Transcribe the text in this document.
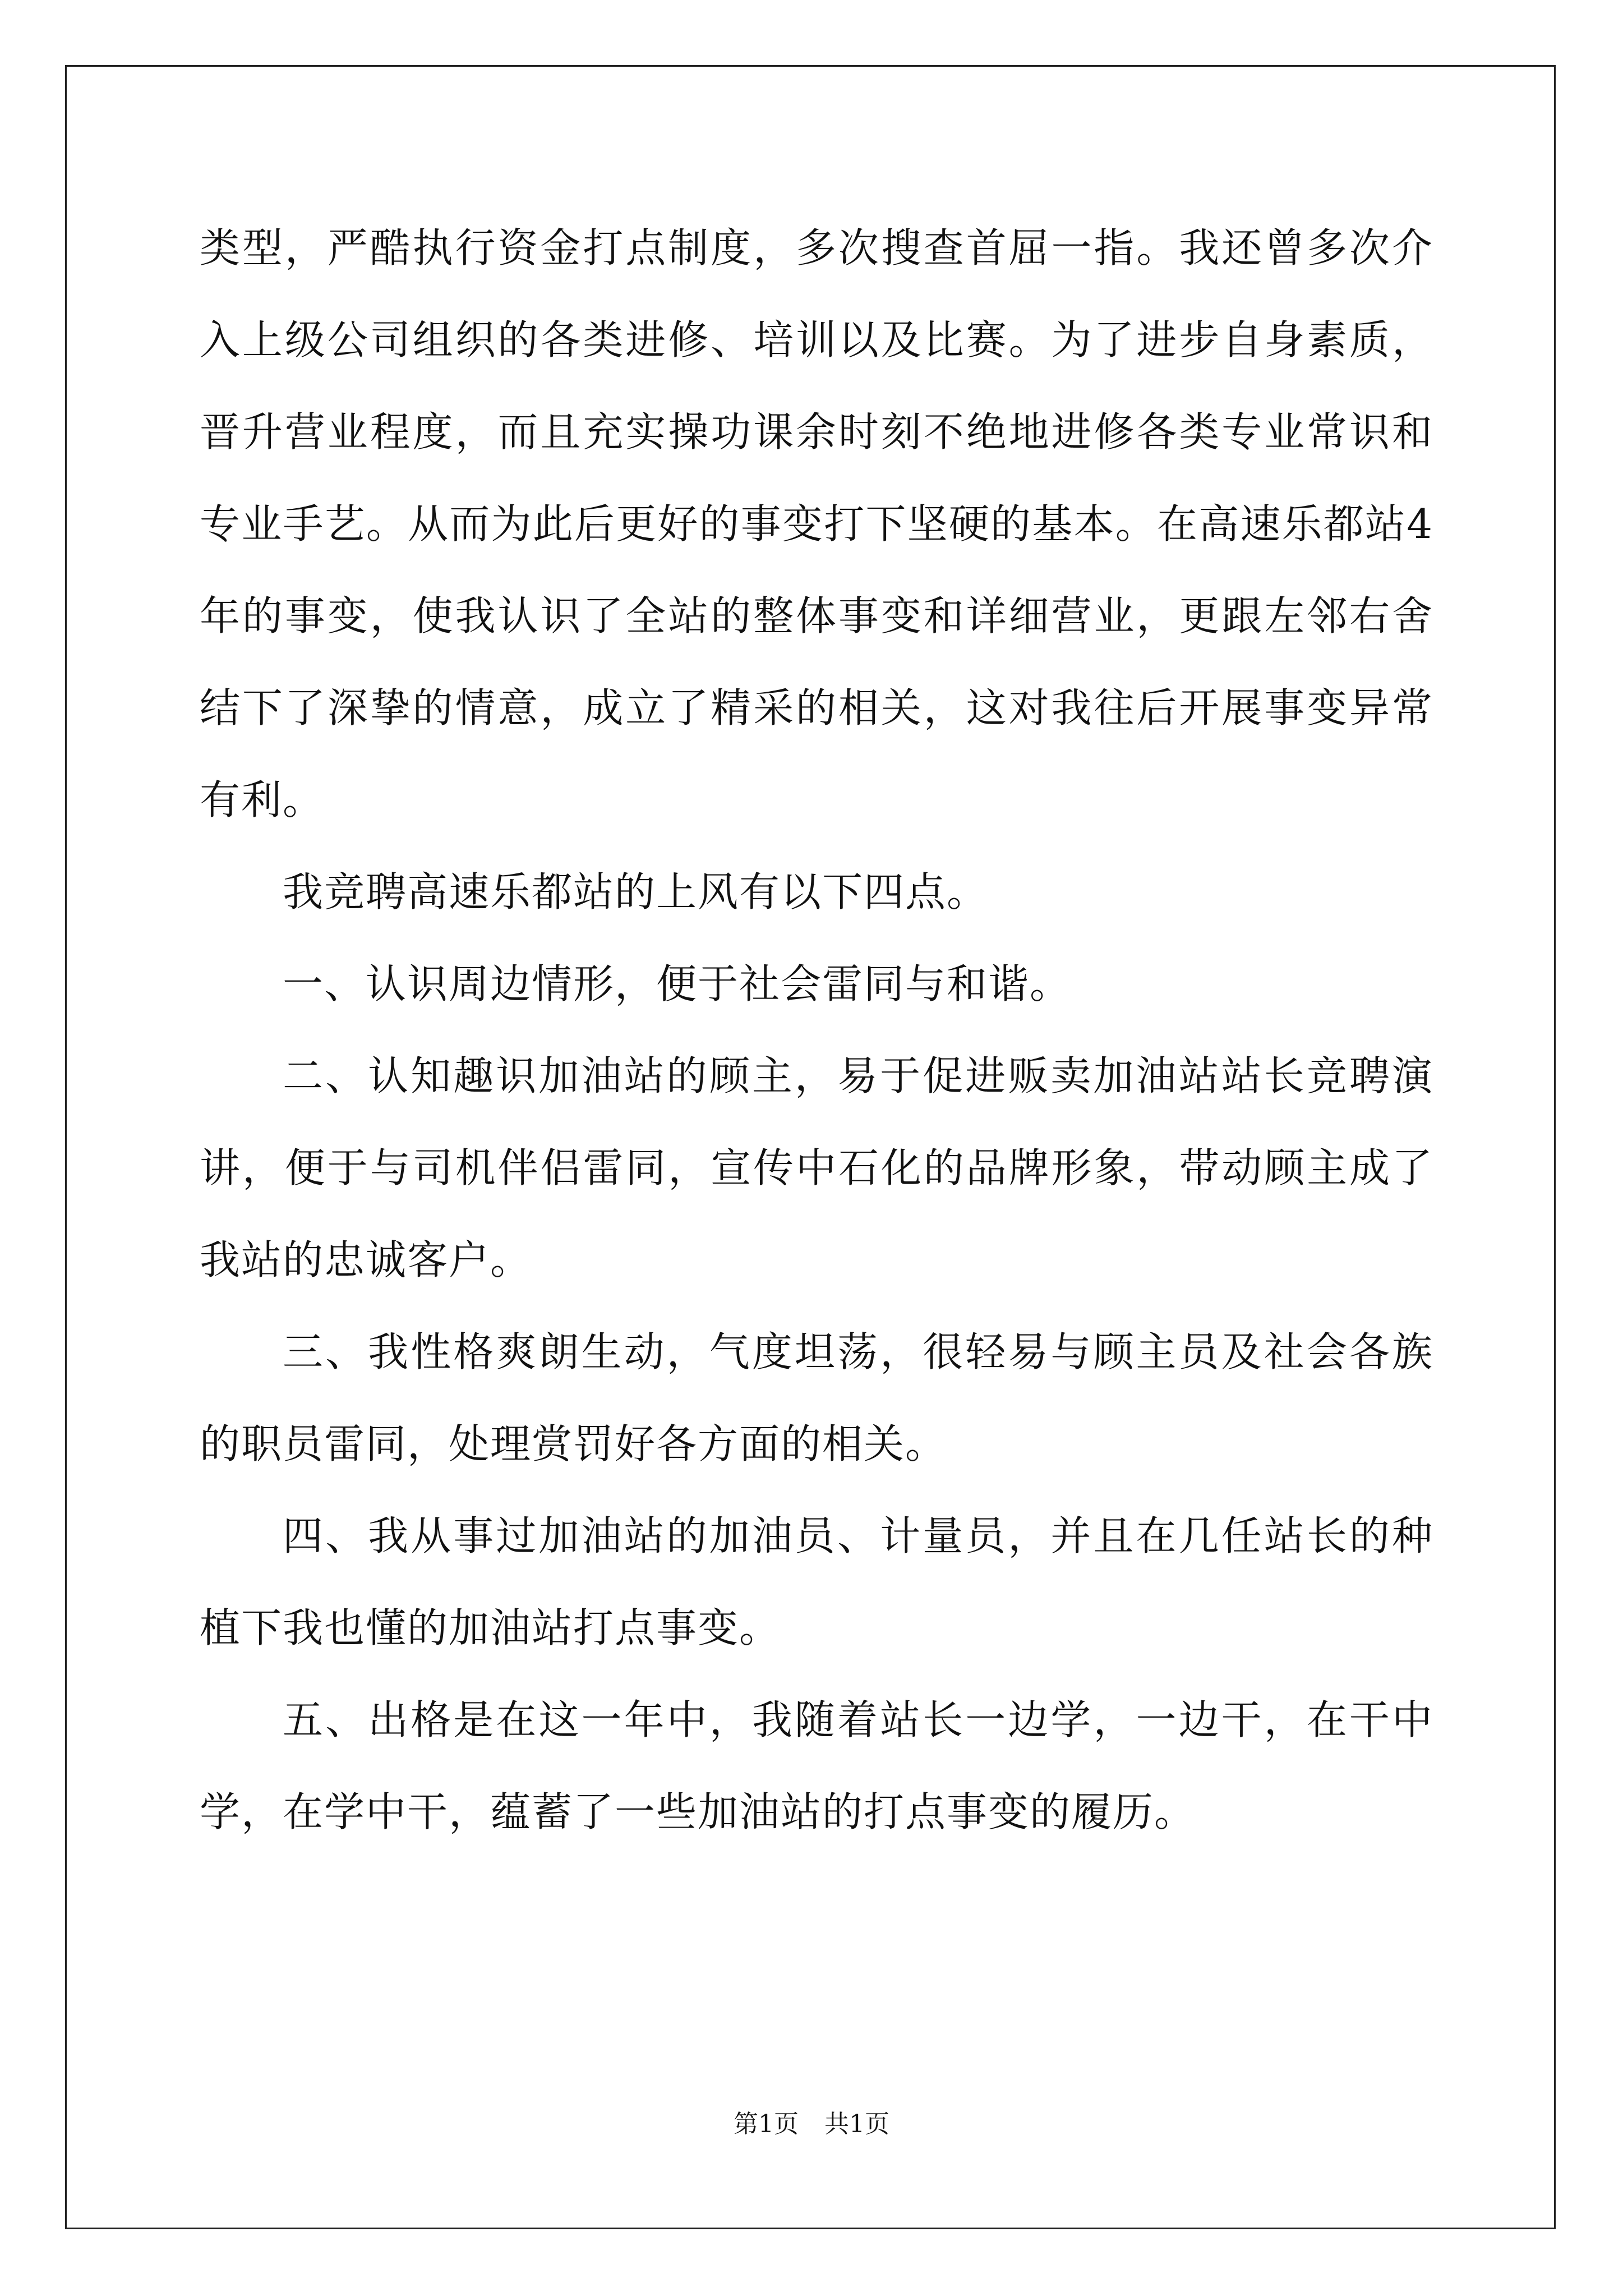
类型，严酷执行资金打点制度，多次搜查首屈一指。我还曾多次介入上级公司组织的各类进修、培训以及比赛。为了进步自身素质，晋升营业程度，而且充实操功课余时刻不绝地进修各类专业常识和专业手艺。从而为此后更好的事变打下坚硬的基本。在高速乐都站4年的事变，使我认识了全站的整体事变和详细营业，更跟左邻右舍结下了深挚的情意，成立了精采的相关，这对我往后开展事变异常有利。

我竞聘高速乐都站的上风有以下四点。

一、认识周边情形，便于社会雷同与和谐。

二、认知趣识加油站的顾主，易于促进贩卖加油站站长竞聘演讲，便于与司机伴侣雷同，宣传中石化的品牌形象，带动顾主成了我站的忠诚客户。

三、我性格爽朗生动，气度坦荡，很轻易与顾主员及社会各族的职员雷同，处理赏罚好各方面的相关。

四、我从事过加油站的加油员、计量员，并且在几任站长的种植下我也懂的加油站打点事变。

五、出格是在这一年中，我随着站长一边学，一边干，在干中学，在学中干，蕴蓄了一些加油站的打点事变的履历。

第1页 共1页
